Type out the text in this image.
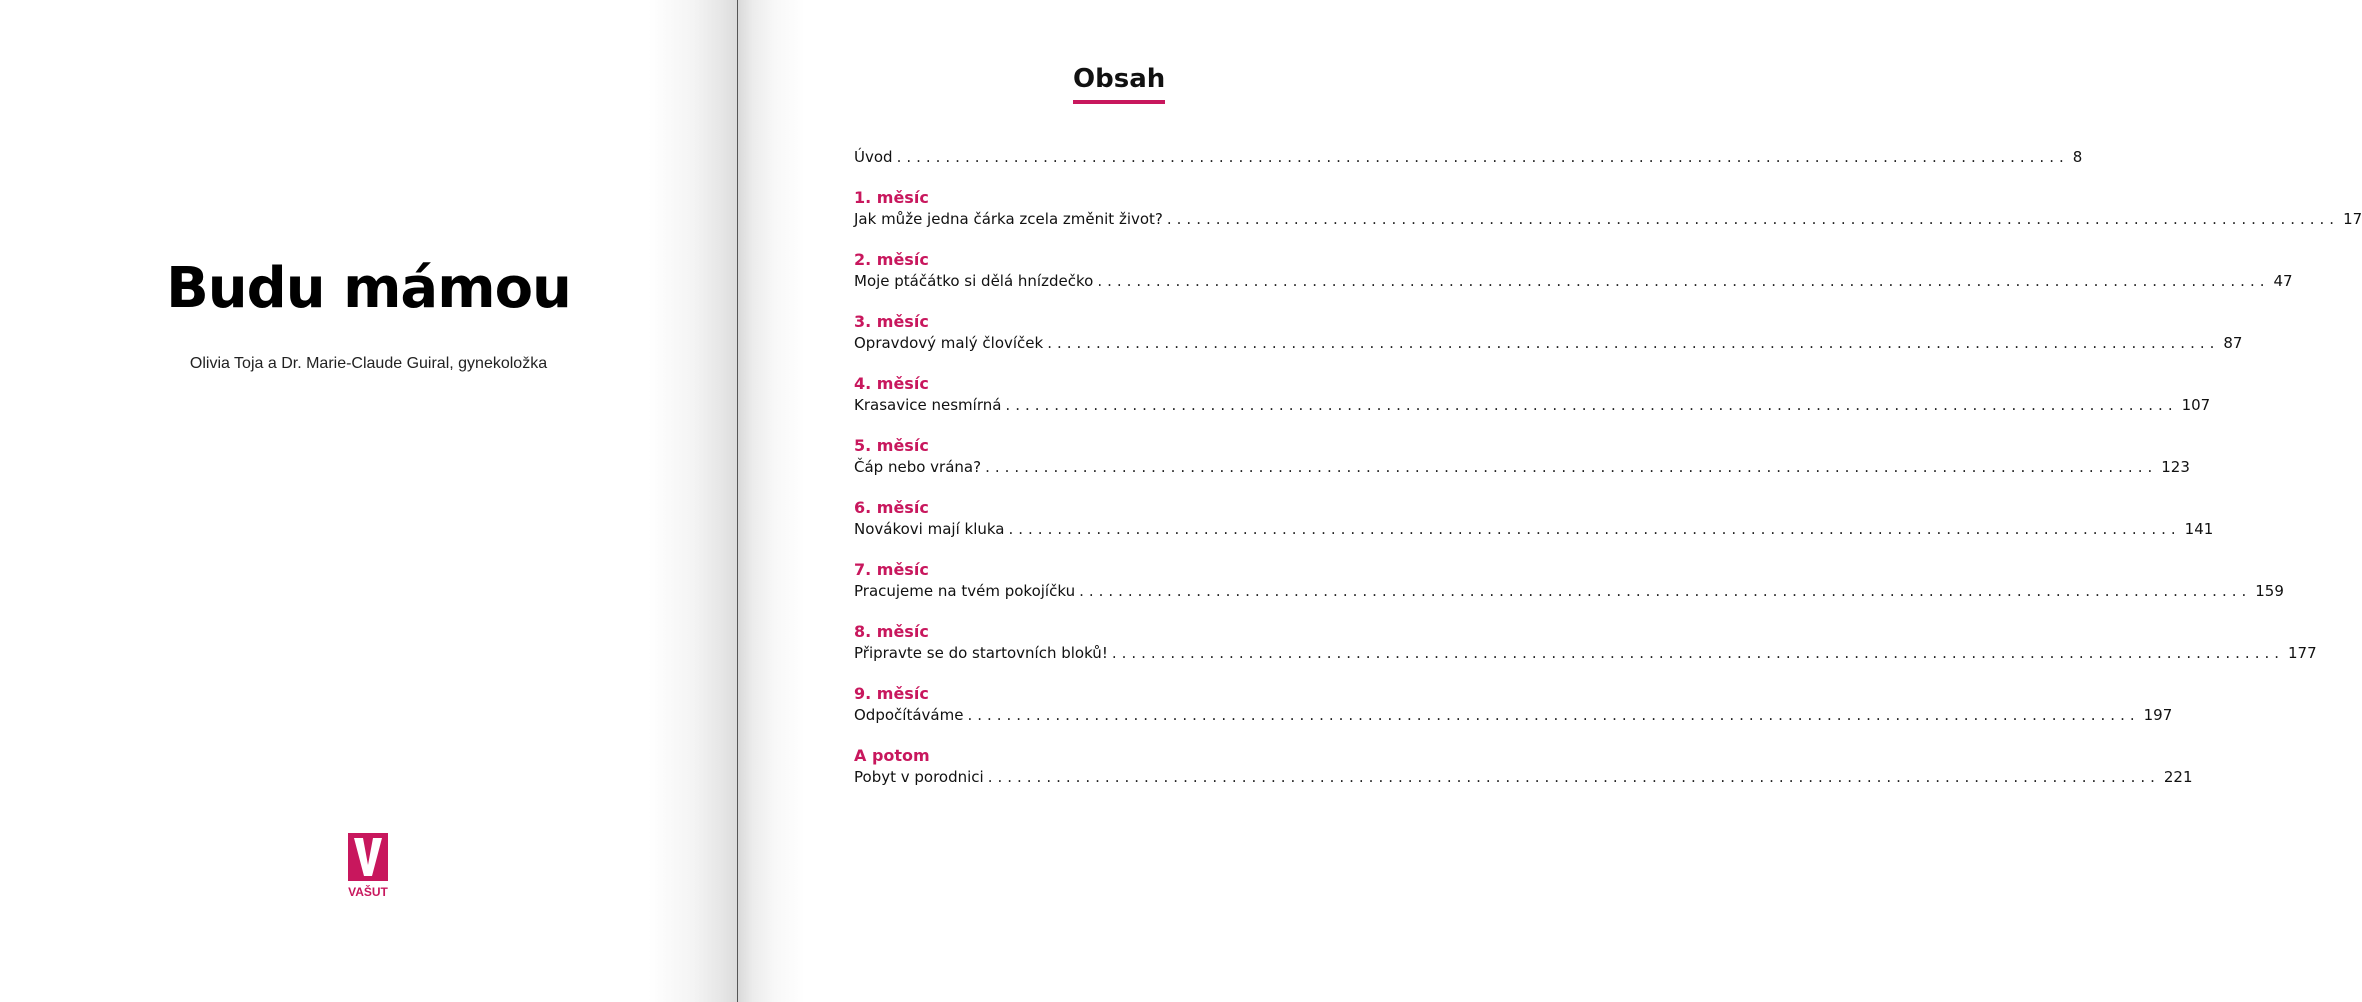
Budu mámou

Olivia Toja a Dr. Marie-Claude Guiral, gynekoložka

VAŠUT
Obsah
Úvod ........................................................................................................................ 8
1. měsíc
Jak může jedna čárka zcela změnit život? ........................................................................................................................ 17
2. měsíc
Moje ptáčátko si dělá hnízdečko ........................................................................................................................ 47
3. měsíc
Opravdový malý človíček ........................................................................................................................ 87
4. měsíc
Krasavice nesmírná ........................................................................................................................ 107
5. měsíc
Čáp nebo vrána? ........................................................................................................................ 123
6. měsíc
Novákovi mají kluka ........................................................................................................................ 141
7. měsíc
Pracujeme na tvém pokojíčku ........................................................................................................................ 159
8. měsíc
Připravte se do startovních bloků! ........................................................................................................................ 177
9. měsíc
Odpočítáváme ........................................................................................................................ 197
A potom
Pobyt v porodnici ........................................................................................................................ 221
